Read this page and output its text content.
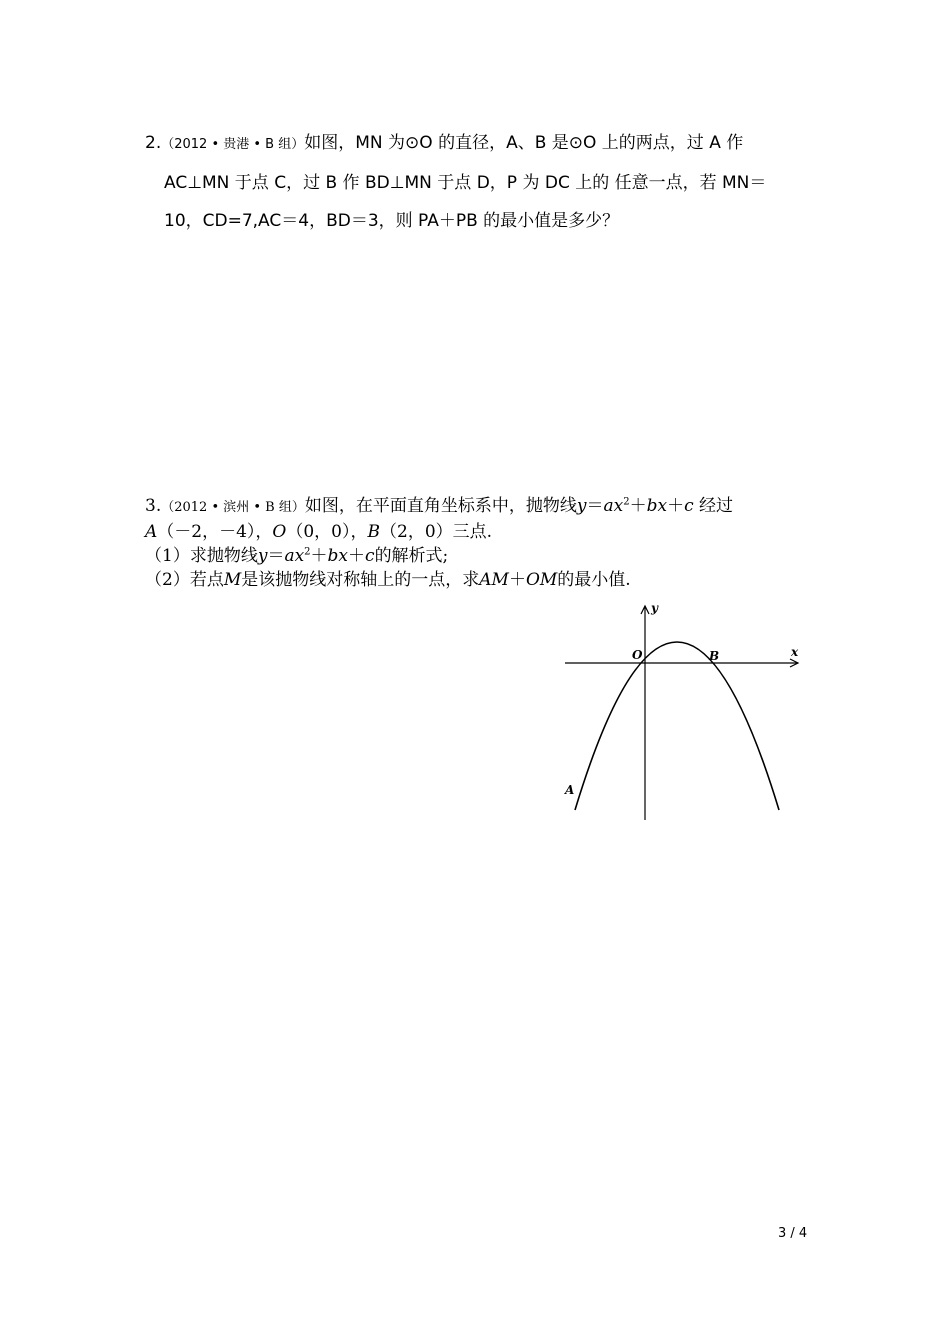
2.（2012 • 贵港 • B 组）如图，MN 为⊙O 的直径，A、B 是⊙O 上的两点，过 A 作
AC⊥MN 于点 C，过 B 作 BD⊥MN 于点 D，P 为 DC 上的 任意一点，若 MN＝
10，CD=7,AC＝4，BD＝3，则 PA＋PB 的最小值是多少？
3.（2012 • 滨州 • B 组）如图，在平面直角坐标系中，抛物线$y=ax^2+bx+c$ 经过
A（－2，－4），O（0，0），B（2，0）三点.
（1）求抛物线$y=ax^2+bx+c$的解析式;
（2）若点M是该抛物线对称轴上的一点，求AM＋OM的最小值.
y
x
O	B
A
3 / 4
